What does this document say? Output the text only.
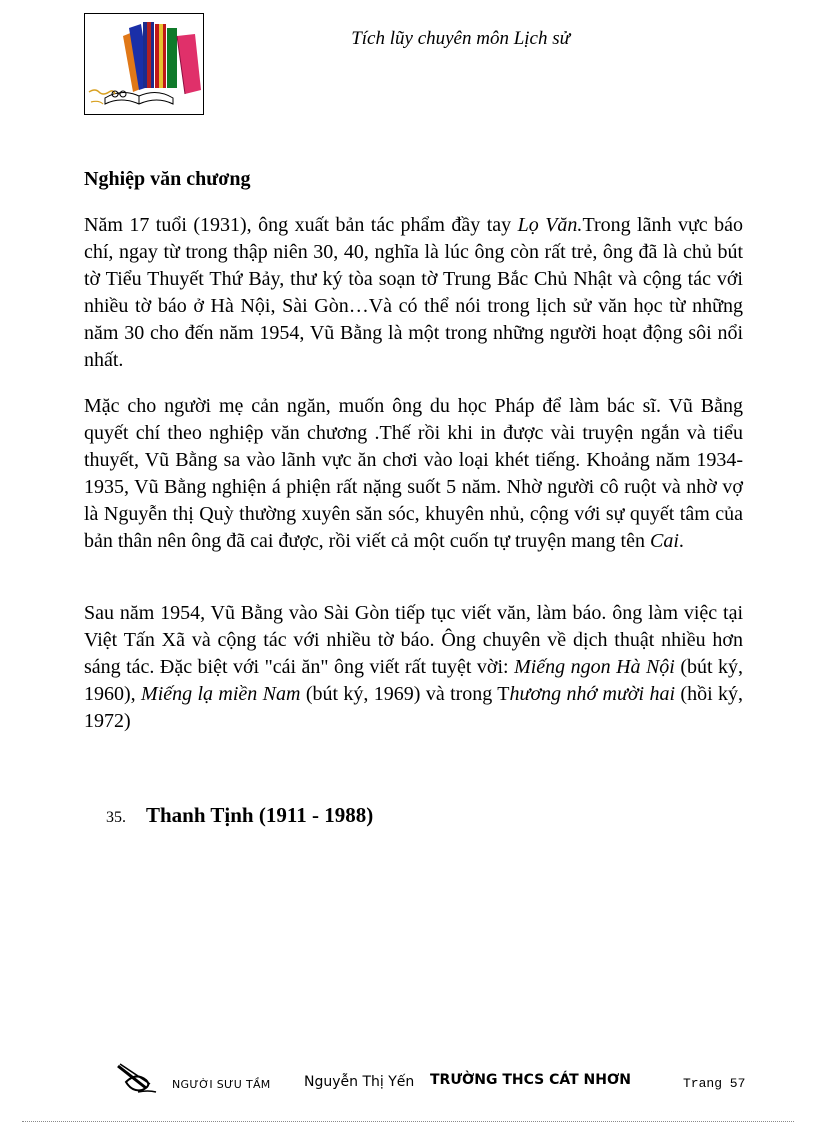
Tích lũy chuyên môn Lịch sử
Nghiệp văn chương

Năm 17 tuổi (1931), ông xuất bản tác phẩm đầy tay Lọ Văn.Trong lãnh vực báo chí, ngay từ trong thập niên 30, 40, nghĩa là lúc ông còn rất trẻ, ông đã là chủ bút tờ Tiểu Thuyết Thứ Bảy, thư ký tòa soạn tờ Trung Bắc Chủ Nhật và cộng tác với nhiều tờ báo ở Hà Nội, Sài Gòn…Và có thể nói trong lịch sử văn học từ những năm 30 cho đến năm 1954, Vũ Bằng là một trong những người hoạt động sôi nổi nhất.

Mặc cho người mẹ cản ngăn, muốn ông du học Pháp để làm bác sĩ. Vũ Bằng quyết chí theo nghiệp văn chương .Thế rồi khi in được vài truyện ngắn và tiểu thuyết, Vũ Bằng sa vào lãnh vực ăn chơi vào loại khét tiếng. Khoảng năm 1934-1935, Vũ Bằng nghiện á phiện rất nặng suốt 5 năm. Nhờ người cô ruột và nhờ vợ là Nguyễn thị Quỳ thường xuyên săn sóc, khuyên nhủ, cộng với sự quyết tâm của bản thân nên ông đã cai được, rồi viết cả một cuốn tự truyện mang tên Cai.

Sau năm 1954, Vũ Bằng vào Sài Gòn tiếp tục viết văn, làm báo. ông làm việc tại Việt Tấn Xã và cộng tác với nhiều tờ báo. Ông chuyên về dịch thuật nhiều hơn sáng tác. Đặc biệt với "cái ăn" ông viết rất tuyệt vời: Miếng ngon Hà Nội (bút ký, 1960), Miếng lạ miền Nam (bút ký, 1969) và trong Thương nhớ mười hai (hồi ký, 1972)

35. Thanh Tịnh (1911 - 1988)
NGƯỜI SƯU TẦM Nguyễn Thị Yến TRƯỜNG THCS CÁT NHƠN	Trang 57
